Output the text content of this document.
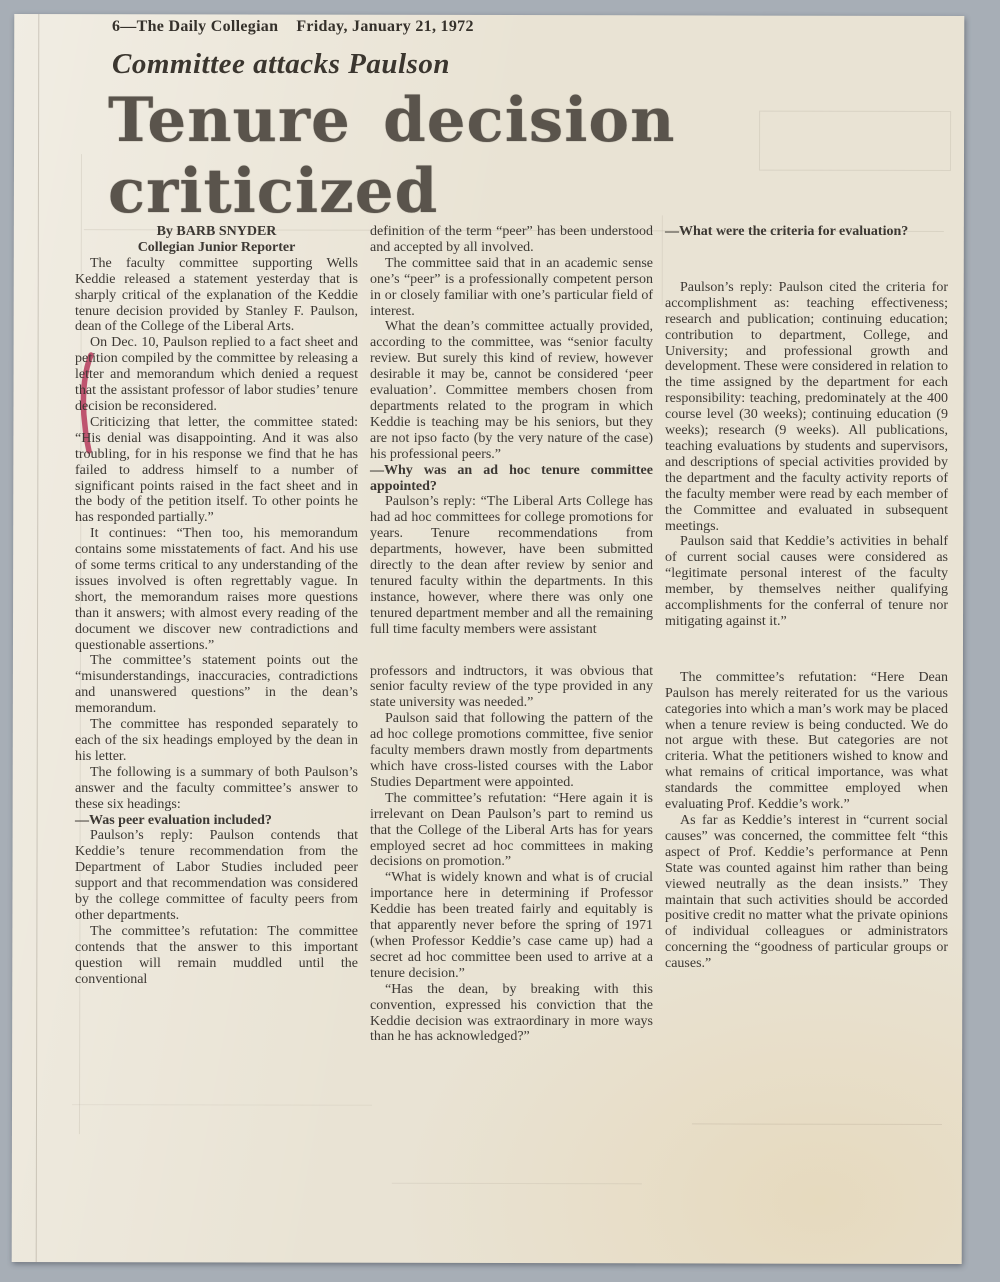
6—The Daily Collegian Friday, January 21, 1972
Committee attacks Paulson
Tenure decision criticized

By BARB SNYDER

Collegian Junior Reporter

The faculty committee supporting Wells Keddie released a statement yesterday that is sharply critical of the explanation of the Keddie tenure decision provided by Stanley F. Paulson, dean of the College of the Liberal Arts.

On Dec. 10, Paulson replied to a fact sheet and petition compiled by the committee by releasing a letter and memorandum which denied a request that the assistant professor of labor studies’ tenure decision be reconsidered.

Criticizing that letter, the committee stated: “His denial was disappointing. And it was also troubling, for in his response we find that he has failed to address himself to a number of significant points raised in the fact sheet and in the body of the petition itself. To other points he has responded partially.”

It continues: “Then too, his memorandum contains some misstatements of fact. And his use of some terms critical to any understanding of the issues involved is often regrettably vague. In short, the memorandum raises more questions than it answers; with almost every reading of the document we discover new contradictions and questionable assertions.”

The committee’s statement points out the “misunderstandings, inaccuracies, contradictions and unanswered questions” in the dean’s memorandum.

The committee has responded separately to each of the six headings employed by the dean in his letter.

The following is a summary of both Paulson’s answer and the faculty committee’s answer to these six headings:

—Was peer evaluation included?

Paulson’s reply: Paulson contends that Keddie’s tenure recommendation from the Department of Labor Studies included peer support and that recommendation was considered by the college committee of faculty peers from other departments.

The committee’s refutation: The committee contends that the answer to this important question will remain muddled until the conventional

definition of the term “peer” has been understood and accepted by all involved.

The committee said that in an academic sense one’s “peer” is a professionally competent person in or closely familiar with one’s particular field of interest.

What the dean’s committee actually provided, according to the committee, was “senior faculty review. But surely this kind of review, however desirable it may be, cannot be considered ‘peer evaluation’. Committee members chosen from departments related to the program in which Keddie is teaching may be his seniors, but they are not ipso facto (by the very nature of the case) his professional peers.”

—Why was an ad hoc tenure committee appointed?

Paulson’s reply: “The Liberal Arts College has had ad hoc committees for college promotions for years. Tenure recommendations from departments, however, have been submitted directly to the dean after review by senior and tenured faculty within the departments. In this instance, however, where there was only one tenured department member and all the remaining full time faculty members were assistant

professors and indtructors, it was obvious that senior faculty review of the type provided in any state university was needed.”

Paulson said that following the pattern of the ad hoc college promotions committee, five senior faculty members drawn mostly from departments which have cross-listed courses with the Labor Studies Department were appointed.

The committee’s refutation: “Here again it is irrelevant on Dean Paulson’s part to remind us that the College of the Liberal Arts has for years employed secret ad hoc committees in making decisions on promotion.”

“What is widely known and what is of crucial importance here in determining if Professor Keddie has been treated fairly and equitably is that apparently never before the spring of 1971 (when Professor Keddie’s case came up) had a secret ad hoc committee been used to arrive at a tenure decision.”

“Has the dean, by breaking with this convention, expressed his conviction that the Keddie decision was extraordinary in more ways than he has acknowledged?”

—What were the criteria for evaluation?

Paulson’s reply: Paulson cited the criteria for accomplishment as: teaching effectiveness; research and publication; continuing education; contribution to department, College, and University; and professional growth and development. These were considered in relation to the time assigned by the department for each responsibility: teaching, predominately at the 400 course level (30 weeks); continuing education (9 weeks); research (9 weeks). All publications, teaching evaluations by students and supervisors, and descriptions of special activities provided by the department and the faculty activity reports of the faculty member were read by each member of the Committee and evaluated in subsequent meetings.

Paulson said that Keddie’s activities in behalf of current social causes were considered as “legitimate personal interest of the faculty member, by themselves neither qualifying accomplishments for the conferral of tenure nor mitigating against it.”

The committee’s refutation: “Here Dean Paulson has merely reiterated for us the various categories into which a man’s work may be placed when a tenure review is being conducted. We do not argue with these. But categories are not criteria. What the petitioners wished to know and what remains of critical importance, was what standards the committee employed when evaluating Prof. Keddie’s work.”

As far as Keddie’s interest in “current social causes” was concerned, the committee felt “this aspect of Prof. Keddie’s performance at Penn State was counted against him rather than being viewed neutrally as the dean insists.” They maintain that such activities should be accorded positive credit no matter what the private opinions of individual colleagues or administrators concerning the “goodness of particular groups or causes.”
